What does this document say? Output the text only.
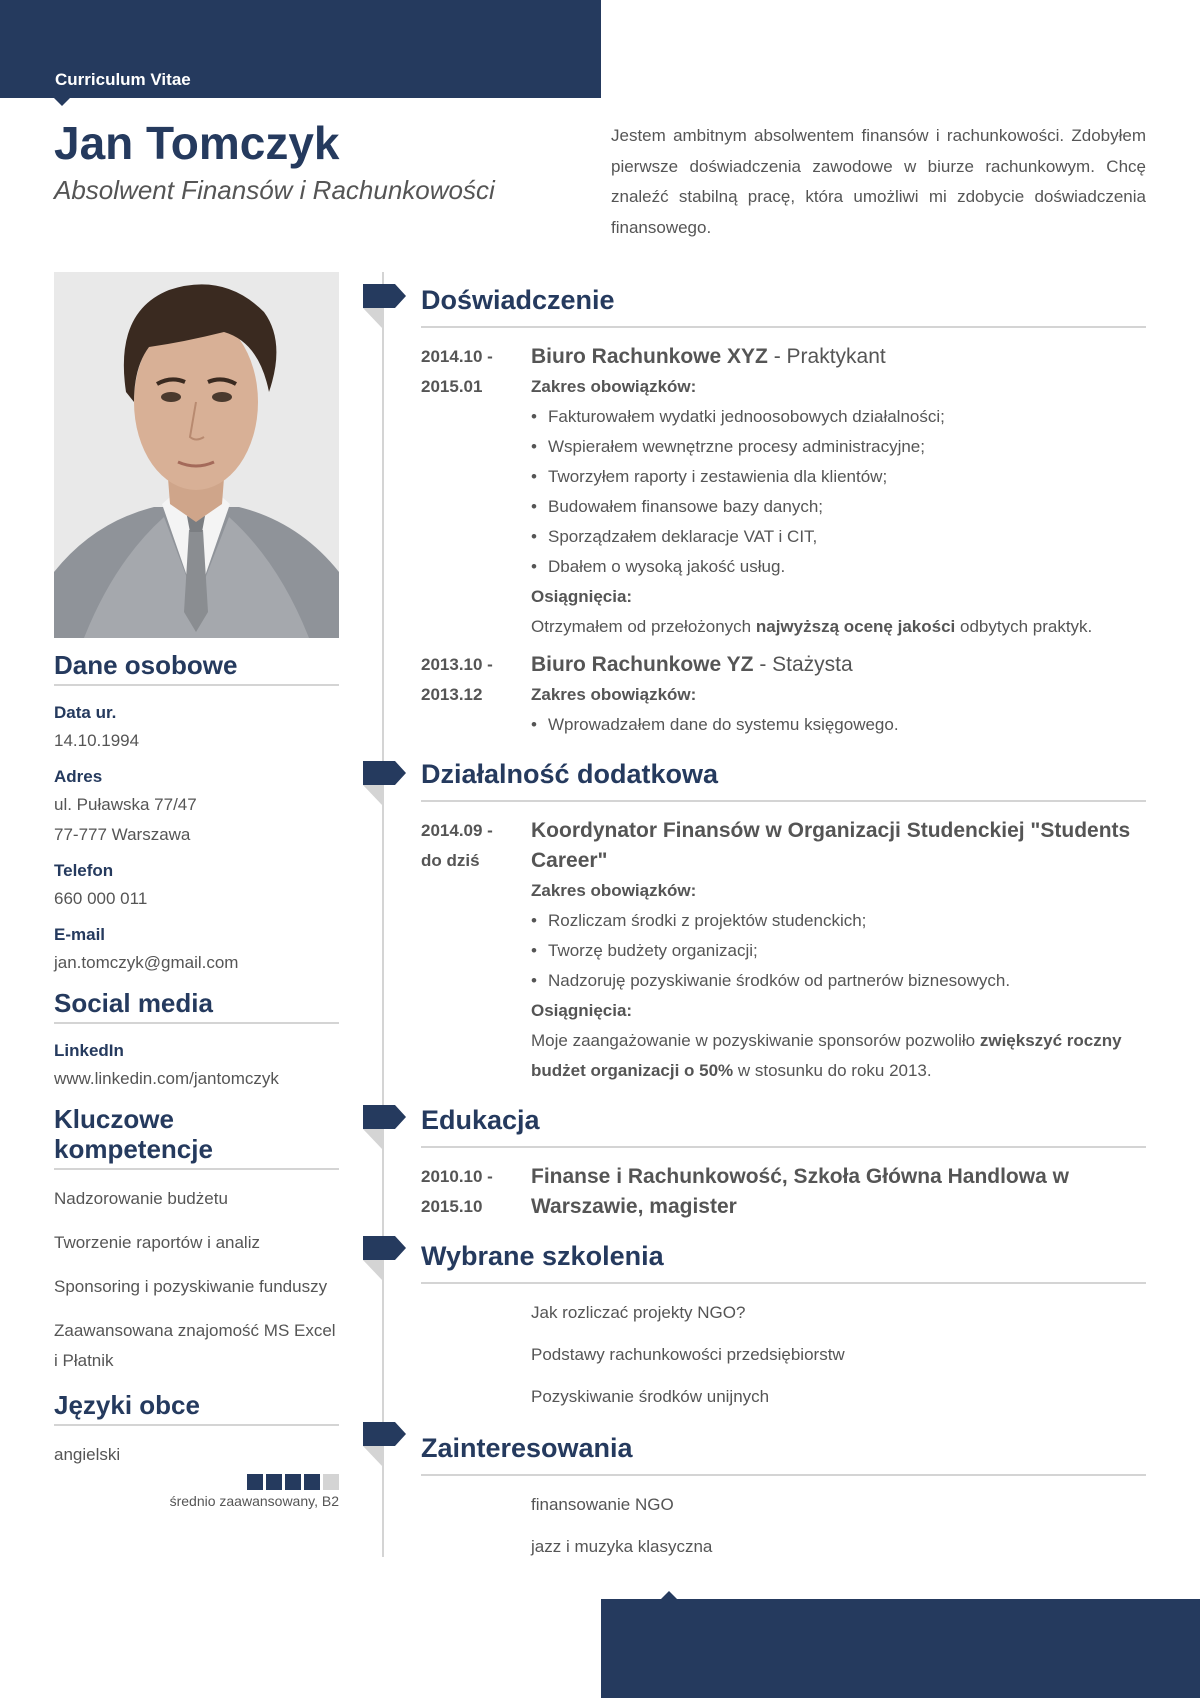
Curriculum Vitae
Jan Tomczyk
Absolwent Finansów i Rachunkowości
Jestem ambitnym absolwentem finansów i rachunkowości. Zdobyłem pierwsze doświadczenia zawodowe w biurze rachunkowym. Chcę znaleźć stabilną pracę, która umożliwi mi zdobycie doświadczenia finansowego.
Dane osobowe
Data ur.
14.10.1994
Adres
ul. Puławska 77/47
77-777 Warszawa
Telefon
660 000 011
E-mail
jan.tomczyk@gmail.com
Social media
LinkedIn
www.linkedin.com/jantomczyk
Kluczowe kompetencje
Nadzorowanie budżetu
Tworzenie raportów i analiz
Sponsoring i pozyskiwanie funduszy
Zaawansowana znajomość MS Excel i Płatnik
Języki obce
angielski
średnio zaawansowany, B2
Doświadczenie
2014.10 -
2015.01
Biuro Rachunkowe XYZ - Praktykant
Zakres obowiązków:
• Fakturowałem wydatki jednoosobowych działalności;
• Wspierałem wewnętrzne procesy administracyjne;
• Tworzyłem raporty i zestawienia dla klientów;
• Budowałem finansowe bazy danych;
• Sporządzałem deklaracje VAT i CIT,
• Dbałem o wysoką jakość usług.
Osiągnięcia:
Otrzymałem od przełożonych najwyższą ocenę jakości odbytych praktyk.
2013.10 -
2013.12
Biuro Rachunkowe YZ - Stażysta
Zakres obowiązków:
• Wprowadzałem dane do systemu księgowego.
Działalność dodatkowa
2014.09 -
do dziś
Koordynator Finansów w Organizacji Studenckiej "Students Career"
Zakres obowiązków:
• Rozliczam środki z projektów studenckich;
• Tworzę budżety organizacji;
• Nadzoruję pozyskiwanie środków od partnerów biznesowych.
Osiągnięcia:
Moje zaangażowanie w pozyskiwanie sponsorów pozwoliło zwiększyć roczny budżet organizacji o 50% w stosunku do roku 2013.
Edukacja
2010.10 -
2015.10
Finanse i Rachunkowość, Szkoła Główna Handlowa w Warszawie, magister
Wybrane szkolenia
Jak rozliczać projekty NGO?
Podstawy rachunkowości przedsiębiorstw
Pozyskiwanie środków unijnych
Zainteresowania
finansowanie NGO
jazz i muzyka klasyczna
